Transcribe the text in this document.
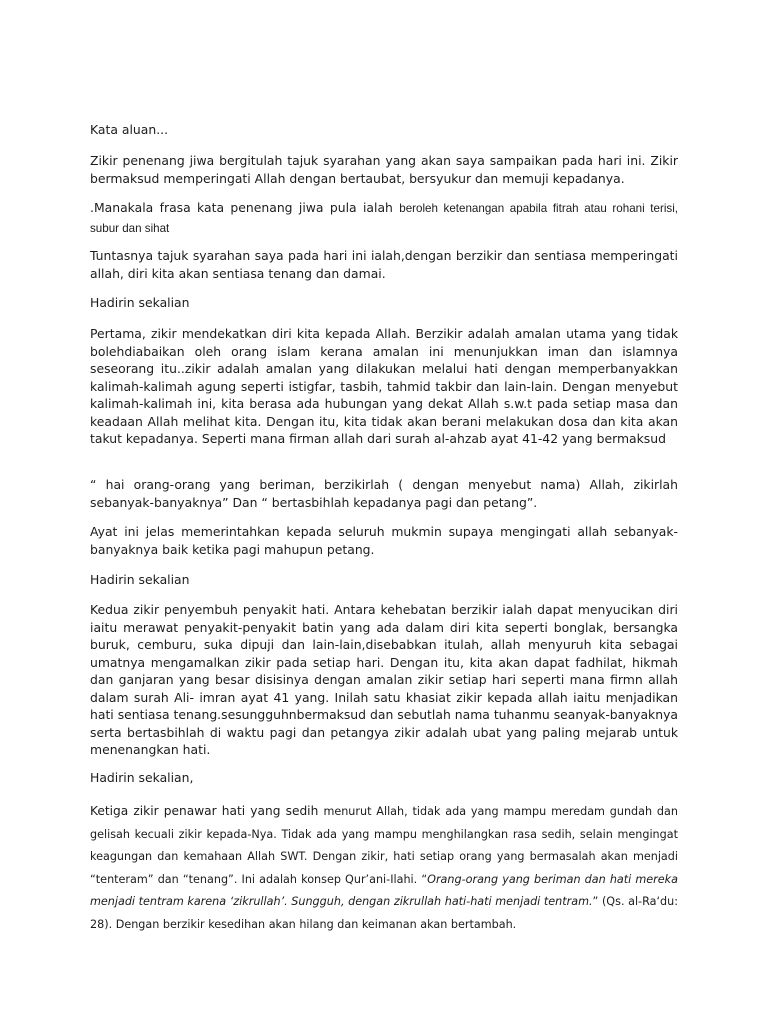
Kata aluan...

Zikir penenang jiwa bergitulah tajuk syarahan yang akan saya sampaikan pada hari ini. Zikir bermaksud memperingati Allah dengan bertaubat, bersyukur dan memuji kepadanya.

.Manakala frasa kata penenang jiwa pula ialah beroleh ketenangan apabila fitrah atau rohani terisi, subur dan sihat

Tuntasnya tajuk syarahan saya pada hari ini ialah,dengan berzikir dan sentiasa memperingati allah, diri kita akan sentiasa tenang dan damai.

Hadirin sekalian

Pertama, zikir mendekatkan diri kita kepada Allah. Berzikir adalah amalan utama yang tidak bolehdiabaikan oleh orang islam kerana amalan ini menunjukkan iman dan islamnya seseorang itu..zikir adalah amalan yang dilakukan melalui hati dengan memperbanyakkan kalimah-kalimah agung seperti istigfar, tasbih, tahmid takbir dan lain-lain. Dengan menyebut kalimah-kalimah ini, kita berasa ada hubungan yang dekat Allah s.w.t pada setiap masa dan keadaan Allah melihat kita. Dengan itu, kita tidak akan berani melakukan dosa dan kita akan takut kepadanya. Seperti mana firman allah dari surah al-ahzab ayat 41-42 yang bermaksud

“ hai orang-orang yang beriman, berzikirlah ( dengan menyebut nama) Allah, zikirlah sebanyak-banyaknya” Dan “ bertasbihlah kepadanya pagi dan petang”.

Ayat ini jelas memerintahkan kepada seluruh mukmin supaya mengingati allah sebanyak-banyaknya baik ketika pagi mahupun petang.

Hadirin sekalian

Kedua zikir penyembuh penyakit hati. Antara kehebatan berzikir ialah dapat menyucikan diri iaitu merawat penyakit-penyakit batin yang ada dalam diri kita seperti bonglak, bersangka buruk, cemburu, suka dipuji dan lain-lain,disebabkan itulah, allah menyuruh kita sebagai umatnya mengamalkan zikir pada setiap hari. Dengan itu, kita akan dapat fadhilat, hikmah dan ganjaran yang besar disisinya dengan amalan zikir setiap hari seperti mana firmn allah dalam surah Ali- imran ayat 41 yang. Inilah satu khasiat zikir kepada allah iaitu menjadikan hati sentiasa tenang.sesungguhnbermaksud dan sebutlah nama tuhanmu seanyak-banyaknya serta bertasbihlah di waktu pagi dan petangya zikir adalah ubat yang paling mejarab untuk menenangkan hati.

Hadirin sekalian,

Ketiga zikir penawar hati yang sedih menurut Allah, tidak ada yang mampu meredam gundah dan gelisah kecuali zikir kepada-Nya. Tidak ada yang mampu menghilangkan rasa sedih, selain mengingat keagungan dan kemahaan Allah SWT. Dengan zikir, hati setiap orang yang bermasalah akan menjadi “tenteram” dan “tenang”. Ini adalah konsep Qur’ani-Ilahi. “Orang-orang yang beriman dan hati mereka menjadi tentram karena ‘zikrullah’. Sungguh, dengan zikrullah hati-hati menjadi tentram.” (Qs. al-Ra‘du: 28). Dengan berzikir kesedihan akan hilang dan keimanan akan bertambah.
